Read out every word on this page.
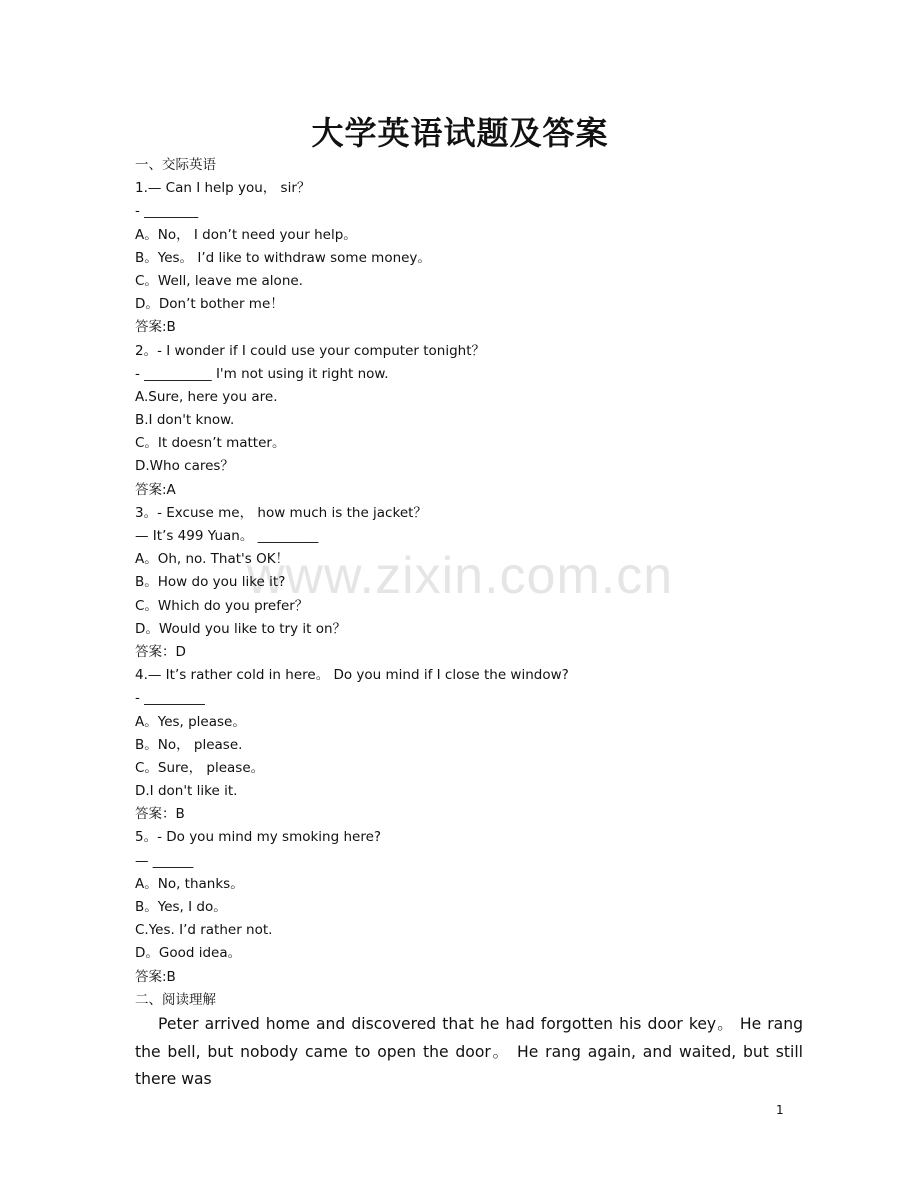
www.zixin.com.cn
大学英语试题及答案
一、交际英语
1.— Can I help you， sir？
- ________
A。No， I don’t need your help。
B。Yes。 I’d like to withdraw some money。
C。Well, leave me alone.
D。Don’t bother me！
答案:B
2。- I wonder if I could use your computer tonight？
- __________ I'm not using it right now.
A.Sure, here you are.
B.I don't know.
C。It doesn’t matter。
D.Who cares？
答案:A
3。- Excuse me， how much is the jacket？
— It’s 499 Yuan。 _________
A。Oh, no. That's OK！
B。How do you like it?
C。Which do you prefer？
D。Would you like to try it on？
答案：D
4.— It’s rather cold in here。 Do you mind if I close the window?
- _________
A。Yes, please。
B。No， please.
C。Sure， please。
D.I don't like it.
答案：B
5。- Do you mind my smoking here?
— ______
A。No, thanks。
B。Yes, I do。
C.Yes. I’d rather not.
D。Good idea。
答案:B
二、阅读理解
Peter arrived home and discovered that he had forgotten his door key。 He rang the bell, but nobody came to open the door。 He rang again, and waited, but still there was
1
